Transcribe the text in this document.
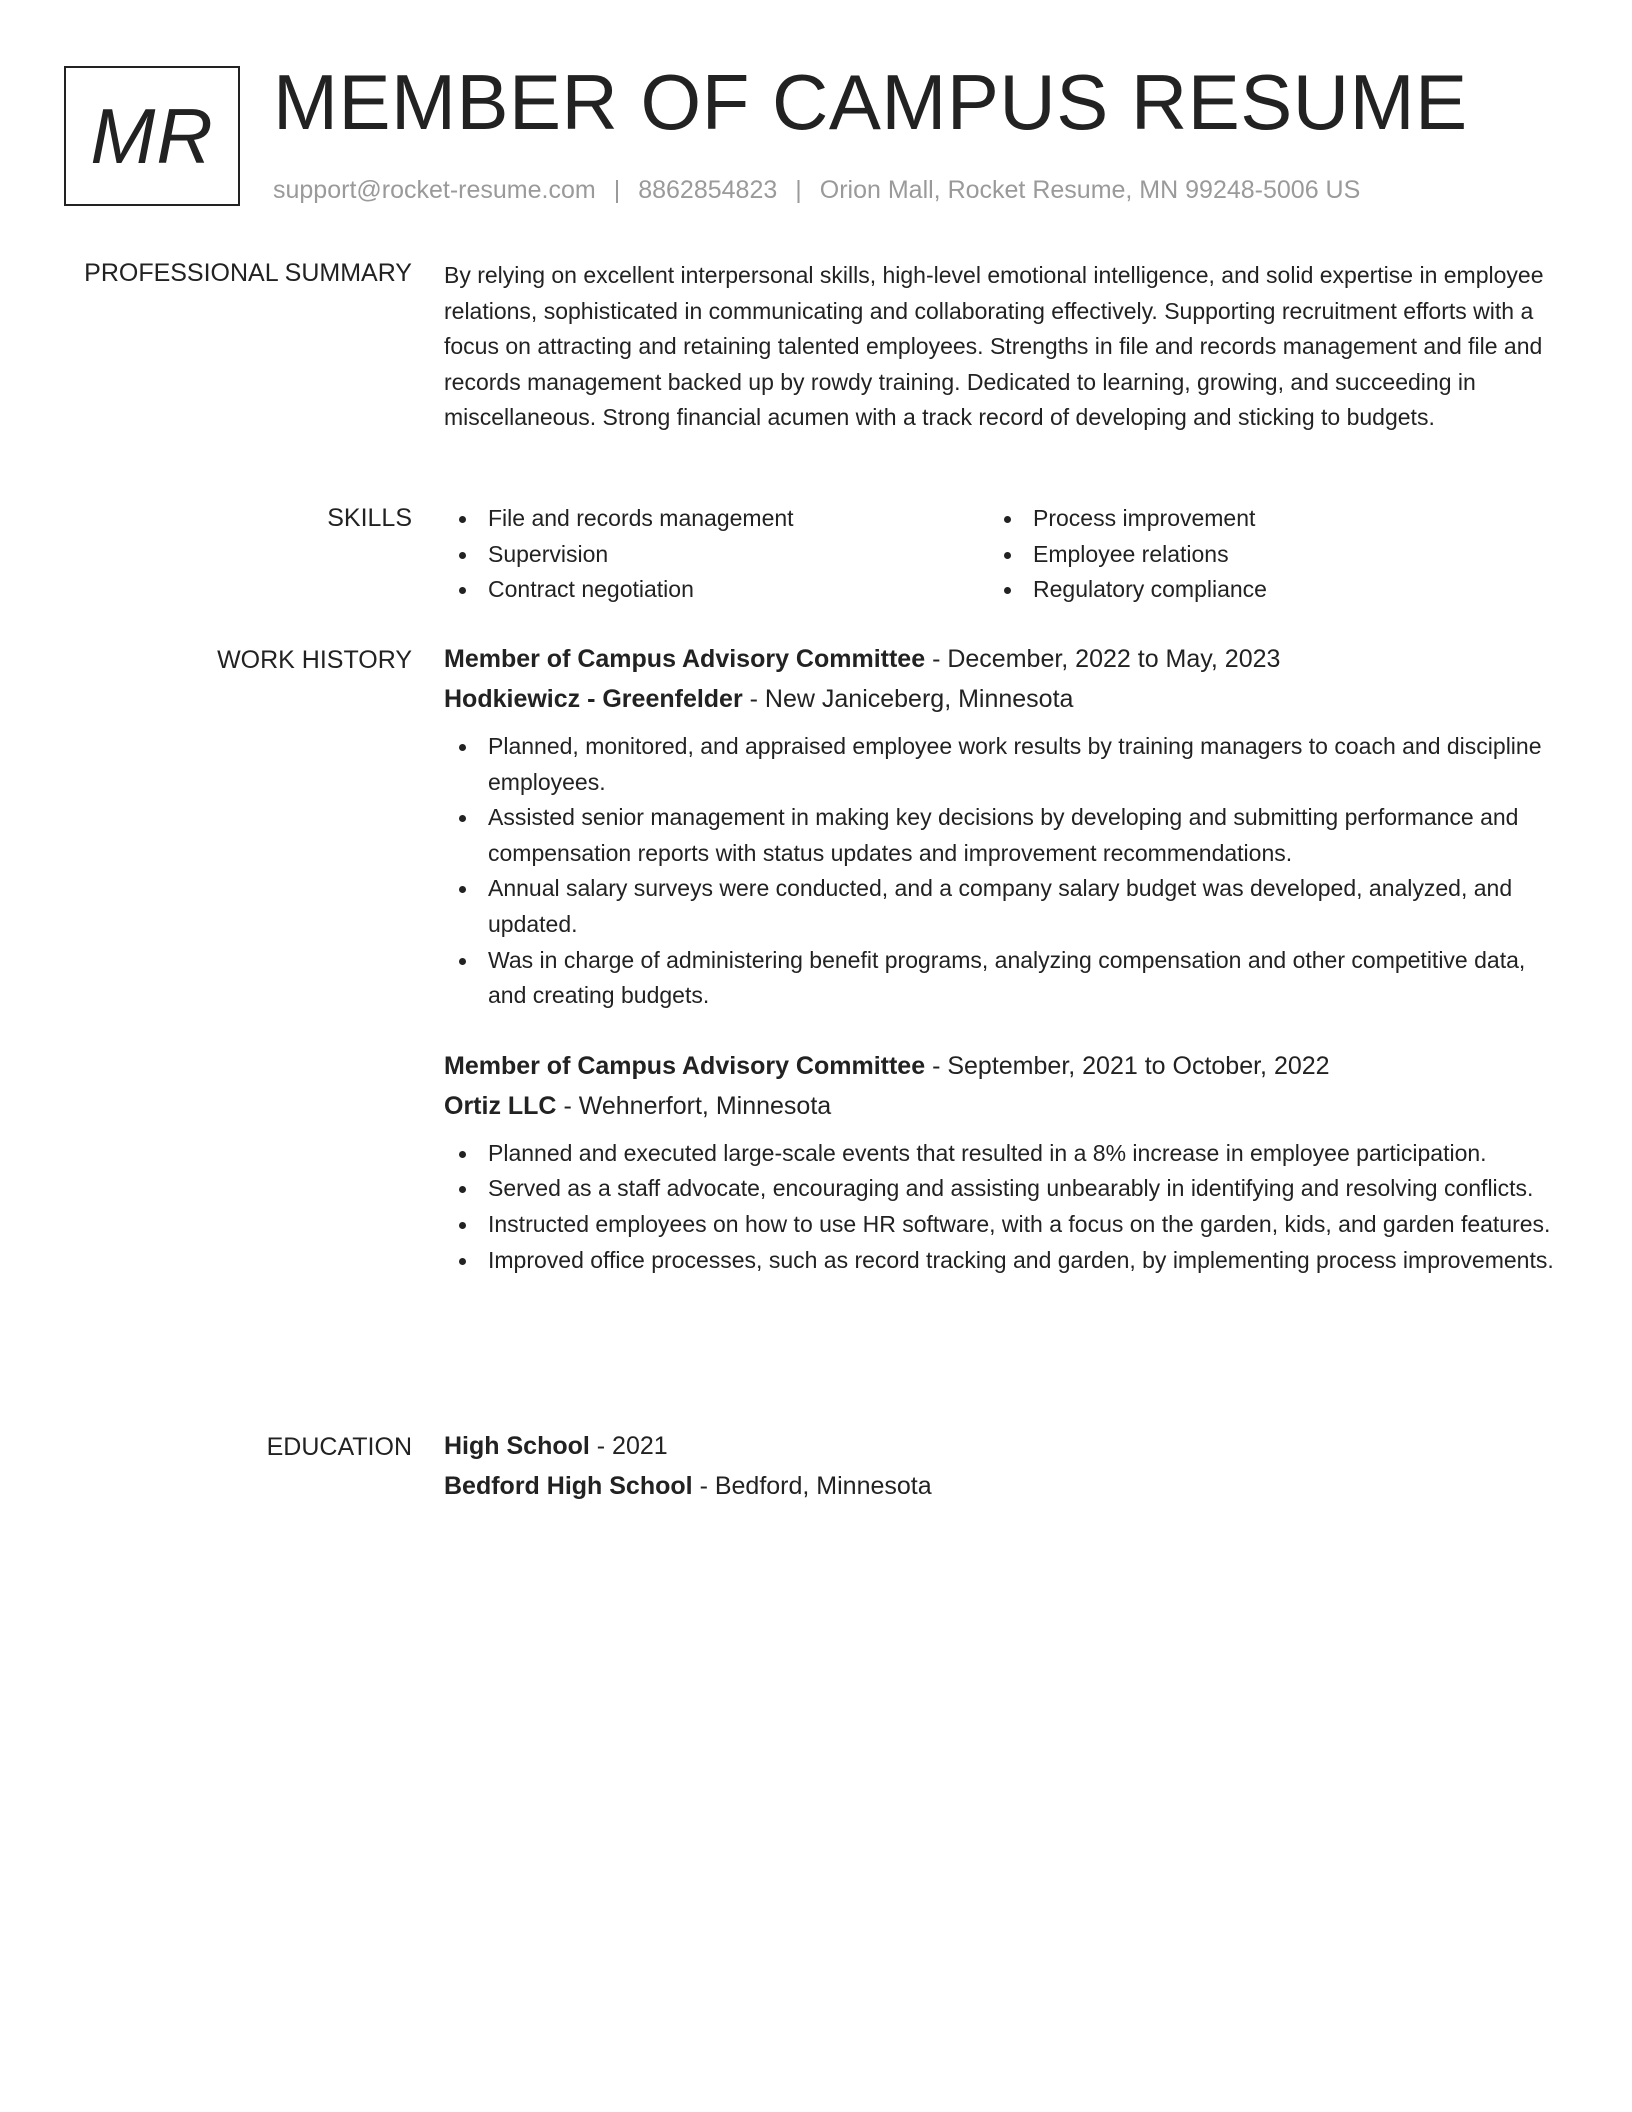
MR MEMBER OF CAMPUS RESUME
support@rocket-resume.com | 8862854823 | Orion Mall, Rocket Resume, MN 99248-5006 US
PROFESSIONAL SUMMARY By relying on excellent interpersonal skills, high-level emotional intelligence, and solid expertise in employee relations, sophisticated in communicating and collaborating effectively. Supporting recruitment efforts with a focus on attracting and retaining talented employees. Strengths in file and records management and file and records management backed up by rowdy training. Dedicated to learning, growing, and succeeding in miscellaneous. Strong financial acumen with a track record of developing and sticking to budgets.

SKILLS	File and records management
Supervision
Contract negotiation
Process improvement
Employee relations
Regulatory compliance
WORK HISTORY Member of Campus Advisory Committee - December, 2022 to May, 2023
Hodkiewicz - Greenfelder - New Janiceberg, Minnesota
Planned, monitored, and appraised employee work results by training managers to coach and discipline employees.
Assisted senior management in making key decisions by developing and submitting performance and compensation reports with status updates and improvement recommendations.
Annual salary surveys were conducted, and a company salary budget was developed, analyzed, and updated.
Was in charge of administering benefit programs, analyzing compensation and other competitive data, and creating budgets.
Member of Campus Advisory Committee - September, 2021 to October, 2022
Ortiz LLC - Wehnerfort, Minnesota
Planned and executed large-scale events that resulted in a 8% increase in employee participation.
Served as a staff advocate, encouraging and assisting unbearably in identifying and resolving conflicts.
Instructed employees on how to use HR software, with a focus on the garden, kids, and garden features.
Improved office processes, such as record tracking and garden, by implementing process improvements.
EDUCATION High School - 2021
Bedford High School - Bedford, Minnesota
